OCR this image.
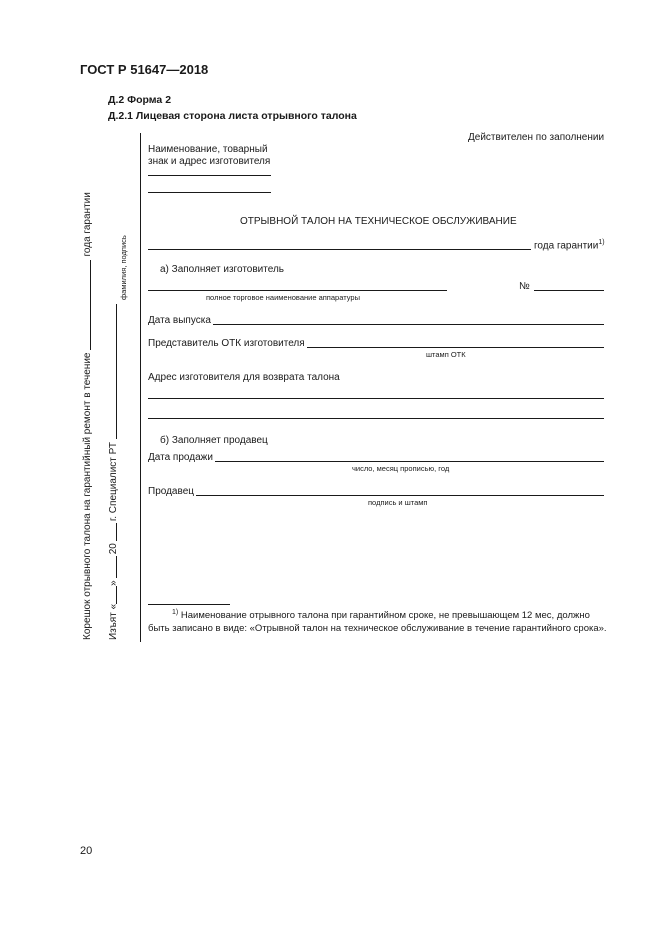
ГОСТ Р 51647—2018
Д.2 Форма 2
Д.2.1 Лицевая сторона листа отрывного талона
Корешок отрывного талона на гарантийный ремонт в течениегода гарантии
Изъят «»20г. Специалист РТ
фамилия, подпись
Действителен по заполнении
Наименование, товарный
знак и адрес изготовителя
ОТРЫВНОЙ ТАЛОН НА ТЕХНИЧЕСКОЕ ОБСЛУЖИВАНИЕ
года гарантии$^{1)}$
а) Заполняет изготовитель
№
полное торговое наименование аппаратуры
Дата выпуска
Представитель ОТК изготовителя
штамп ОТК
Адрес изготовителя для возврата талона
б) Заполняет продавец
Дата продажи
число, месяц прописью, год
Продавец
подпись и штамп
$^{1)}$ Наименование отрывного талона при гарантийном сроке, не превышающем 12 мес, должно быть записано в виде: «Отрывной талон на техническое обслуживание в течение гарантийного срока».
20
